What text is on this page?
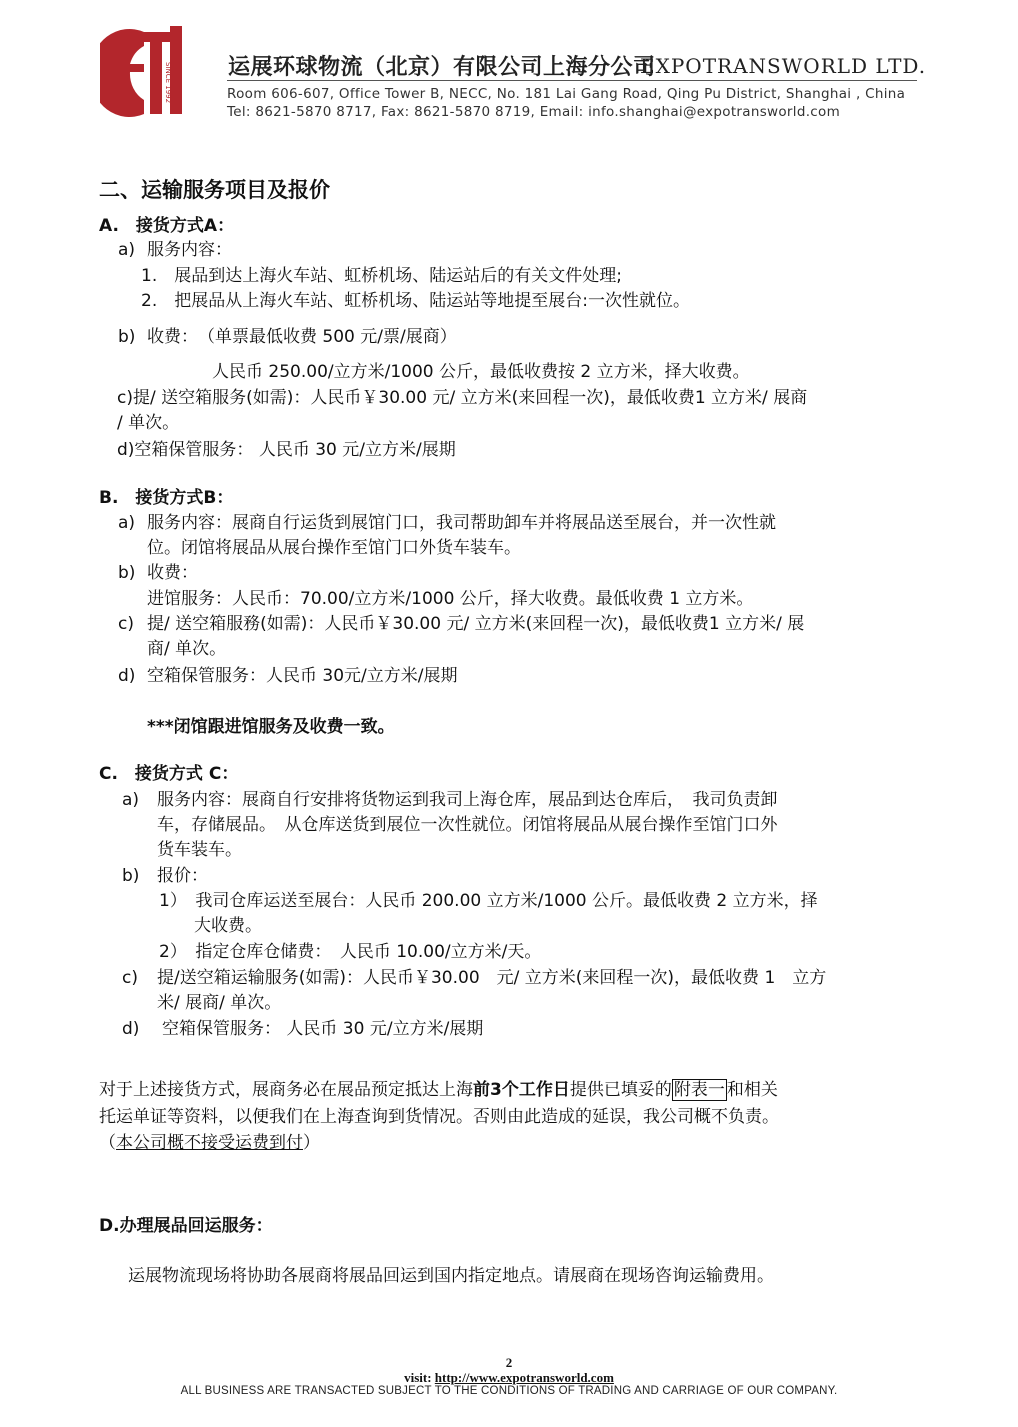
SINCE 1992	运展环球物流（北京）有限公司上海分公司
EXPOTRANSWORLD LTD.
Room 606-607, Office Tower B, NECC, No. 181 Lai Gang Road, Qing Pu District, Shanghai , China
Tel: 8621-5870 8717, Fax: 8621-5870 8719, Email: info.shanghai@expotransworld.com
二、运输服务项目及报价
A.　接货方式A：
a) 服务内容：
1.　展品到达上海火车站、虹桥机场、陆运站后的有关文件处理;
2.　把展品从上海火车站、虹桥机场、陆运站等地提至展台:一次性就位。
b) 收费：　（单票最低收费 500 元/票/展商）
人民币 250.00/立方米/1000 公斤，最低收费按 2 立方米，择大收费。
c)提/ 送空箱服务(如需)：人民币￥30.00 元/ 立方米(来回程一次)，最低收费1 立方米/ 展商
/ 单次。
d)空箱保管服务： 人民币 30 元/立方米/展期
B.　接货方式B：
a) 服务内容：展商自行运货到展馆门口，我司帮助卸车并将展品送至展台，并一次性就
位。闭馆将展品从展台操作至馆门口外货车装车。
b) 收费：
进馆服务：人民币：70.00/立方米/1000 公斤，择大收费。最低收费 1 立方米。
c) 提/ 送空箱服務(如需)：人民币￥30.00 元/ 立方米(来回程一次)，最低收费1 立方米/ 展
商/ 单次。
d) 空箱保管服务：人民币 30元/立方米/展期
***闭馆跟进馆服务及收费一致。
C.　接货方式 C：
a) 服务内容：展商自行安排将货物运到我司上海仓库，展品到达仓库后，　我司负责卸
车，存储展品。　从仓库送货到展位一次性就位。闭馆将展品从展台操作至馆门口外
货车装车。
b) 报价：
1）　我司仓库运送至展台：人民币 200.00 立方米/1000 公斤。最低收费 2 立方米，择
大收费。
2）　指定仓库仓储费：　人民币 10.00/立方米/天。
c) 提/送空箱运输服务(如需)：人民币￥30.00　元/ 立方米(来回程一次)，最低收费 1　立方
米/ 展商/ 单次。
d) 空箱保管服务： 人民币 30 元/立方米/展期
对于上述接货方式，展商务必在展品预定抵达上海前3个工作日提供已填妥的 附表一 和相关
托运单证等资料，以便我们在上海查询到货情况。否则由此造成的延误，我公司概不负责。
（本公司概不接受运费到付）
D.办理展品回运服务：
运展物流现场将协助各展商将展品回运到国内指定地点。请展商在现场咨询运输费用。
2
visit: http://www.expotransworld.com
ALL BUSINESS ARE TRANSACTED SUBJECT TO THE CONDITIONS OF TRADING AND CARRIAGE OF OUR COMPANY.
